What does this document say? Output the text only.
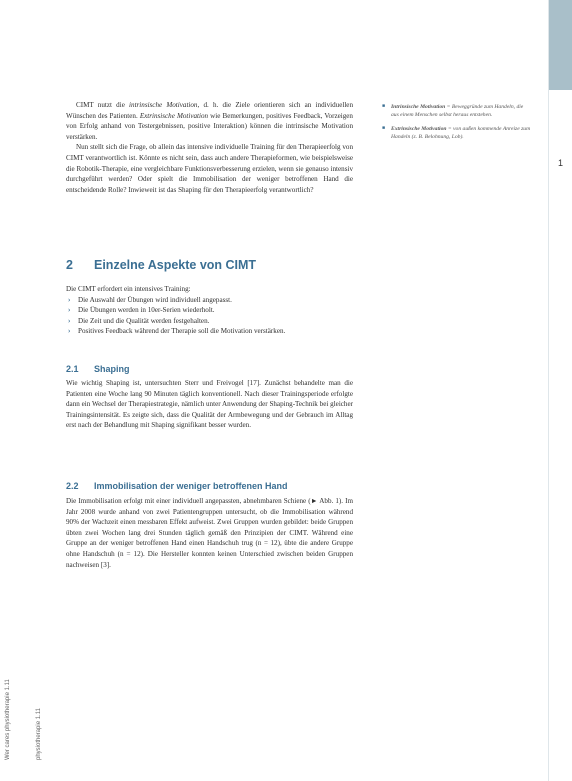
1

CIMT nutzt die intrinsische Motivation, d. h. die Ziele orientieren sich an individuellen Wünschen des Patienten. Extrinsische Motivation wie Bemerkungen, positives Feedback, Vorzeigen von Erfolg anhand von Testergebnissen, positive Interaktion) können die intrinsische Motivation verstärken.

Nun stellt sich die Frage, ob allein das intensive individuelle Training für den Therapieerfolg von CIMT verantwortlich ist. Könnte es nicht sein, dass auch andere Therapieformen, wie beispielsweise die Robotik-Therapie, eine vergleichbare Funktionsverbesserung erzielen, wenn sie genauso intensiv durchgeführt werden? Oder spielt die Immobilisation der weniger betroffenen Hand die entscheidende Rolle? Inwieweit ist das Shaping für den Therapieerfolg verantwortlich?

2 Einzelne Aspekte von CIMT

Die CIMT erfordert ein intensives Training:

› Die Auswahl der Übungen wird individuell angepasst.
› Die Übungen werden in 10er-Serien wiederholt.
› Die Zeit und die Qualität werden festgehalten.
› Positives Feedback während der Therapie soll die Motivation verstärken.
2.1 Shaping

Wie wichtig Shaping ist, untersuchten Sterr und Freivogel [17]. Zunächst behandelte man die Patienten eine Woche lang 90 Minuten täglich konventionell. Nach dieser Trainingsperiode erfolgte dann ein Wechsel der Therapiestrategie, nämlich unter Anwendung der Shaping-Technik bei gleicher Trainingsintensität. Es zeigte sich, dass die Qualität der Armbewegung und der Gebrauch im Alltag erst nach der Behandlung mit Shaping signifikant besser wurden.

2.2 Immobilisation der weniger betroffenen Hand

Die Immobilisation erfolgt mit einer individuell angepassten, abnehmbaren Schiene (► Abb. 1). Im Jahr 2008 wurde anhand von zwei Patientengruppen untersucht, ob die Immobilisation während 90% der Wachzeit einen messbaren Effekt aufweist. Zwei Gruppen wurden gebildet: beide Gruppen übten zwei Wochen lang drei Stunden täglich gemäß den Prinzipien der CIMT. Während eine Gruppe an der weniger betroffenen Hand einen Handschuh trug (n = 12), übte die andere Gruppe ohne Handschuh (n = 12). Die Hersteller konnten keinen Unterschied zwischen beiden Gruppen nachweisen [3].

■ Intrinsische Motivation = Beweggründe zum Handeln, die aus einem Menschen selbst heraus entstehen.
■ Extrinsische Motivation = von außen kommende Anreize zum Handeln (z. B. Belohnung, Lob).
Wer cares physiotherapie 1.11	physiotherapie 1.11
